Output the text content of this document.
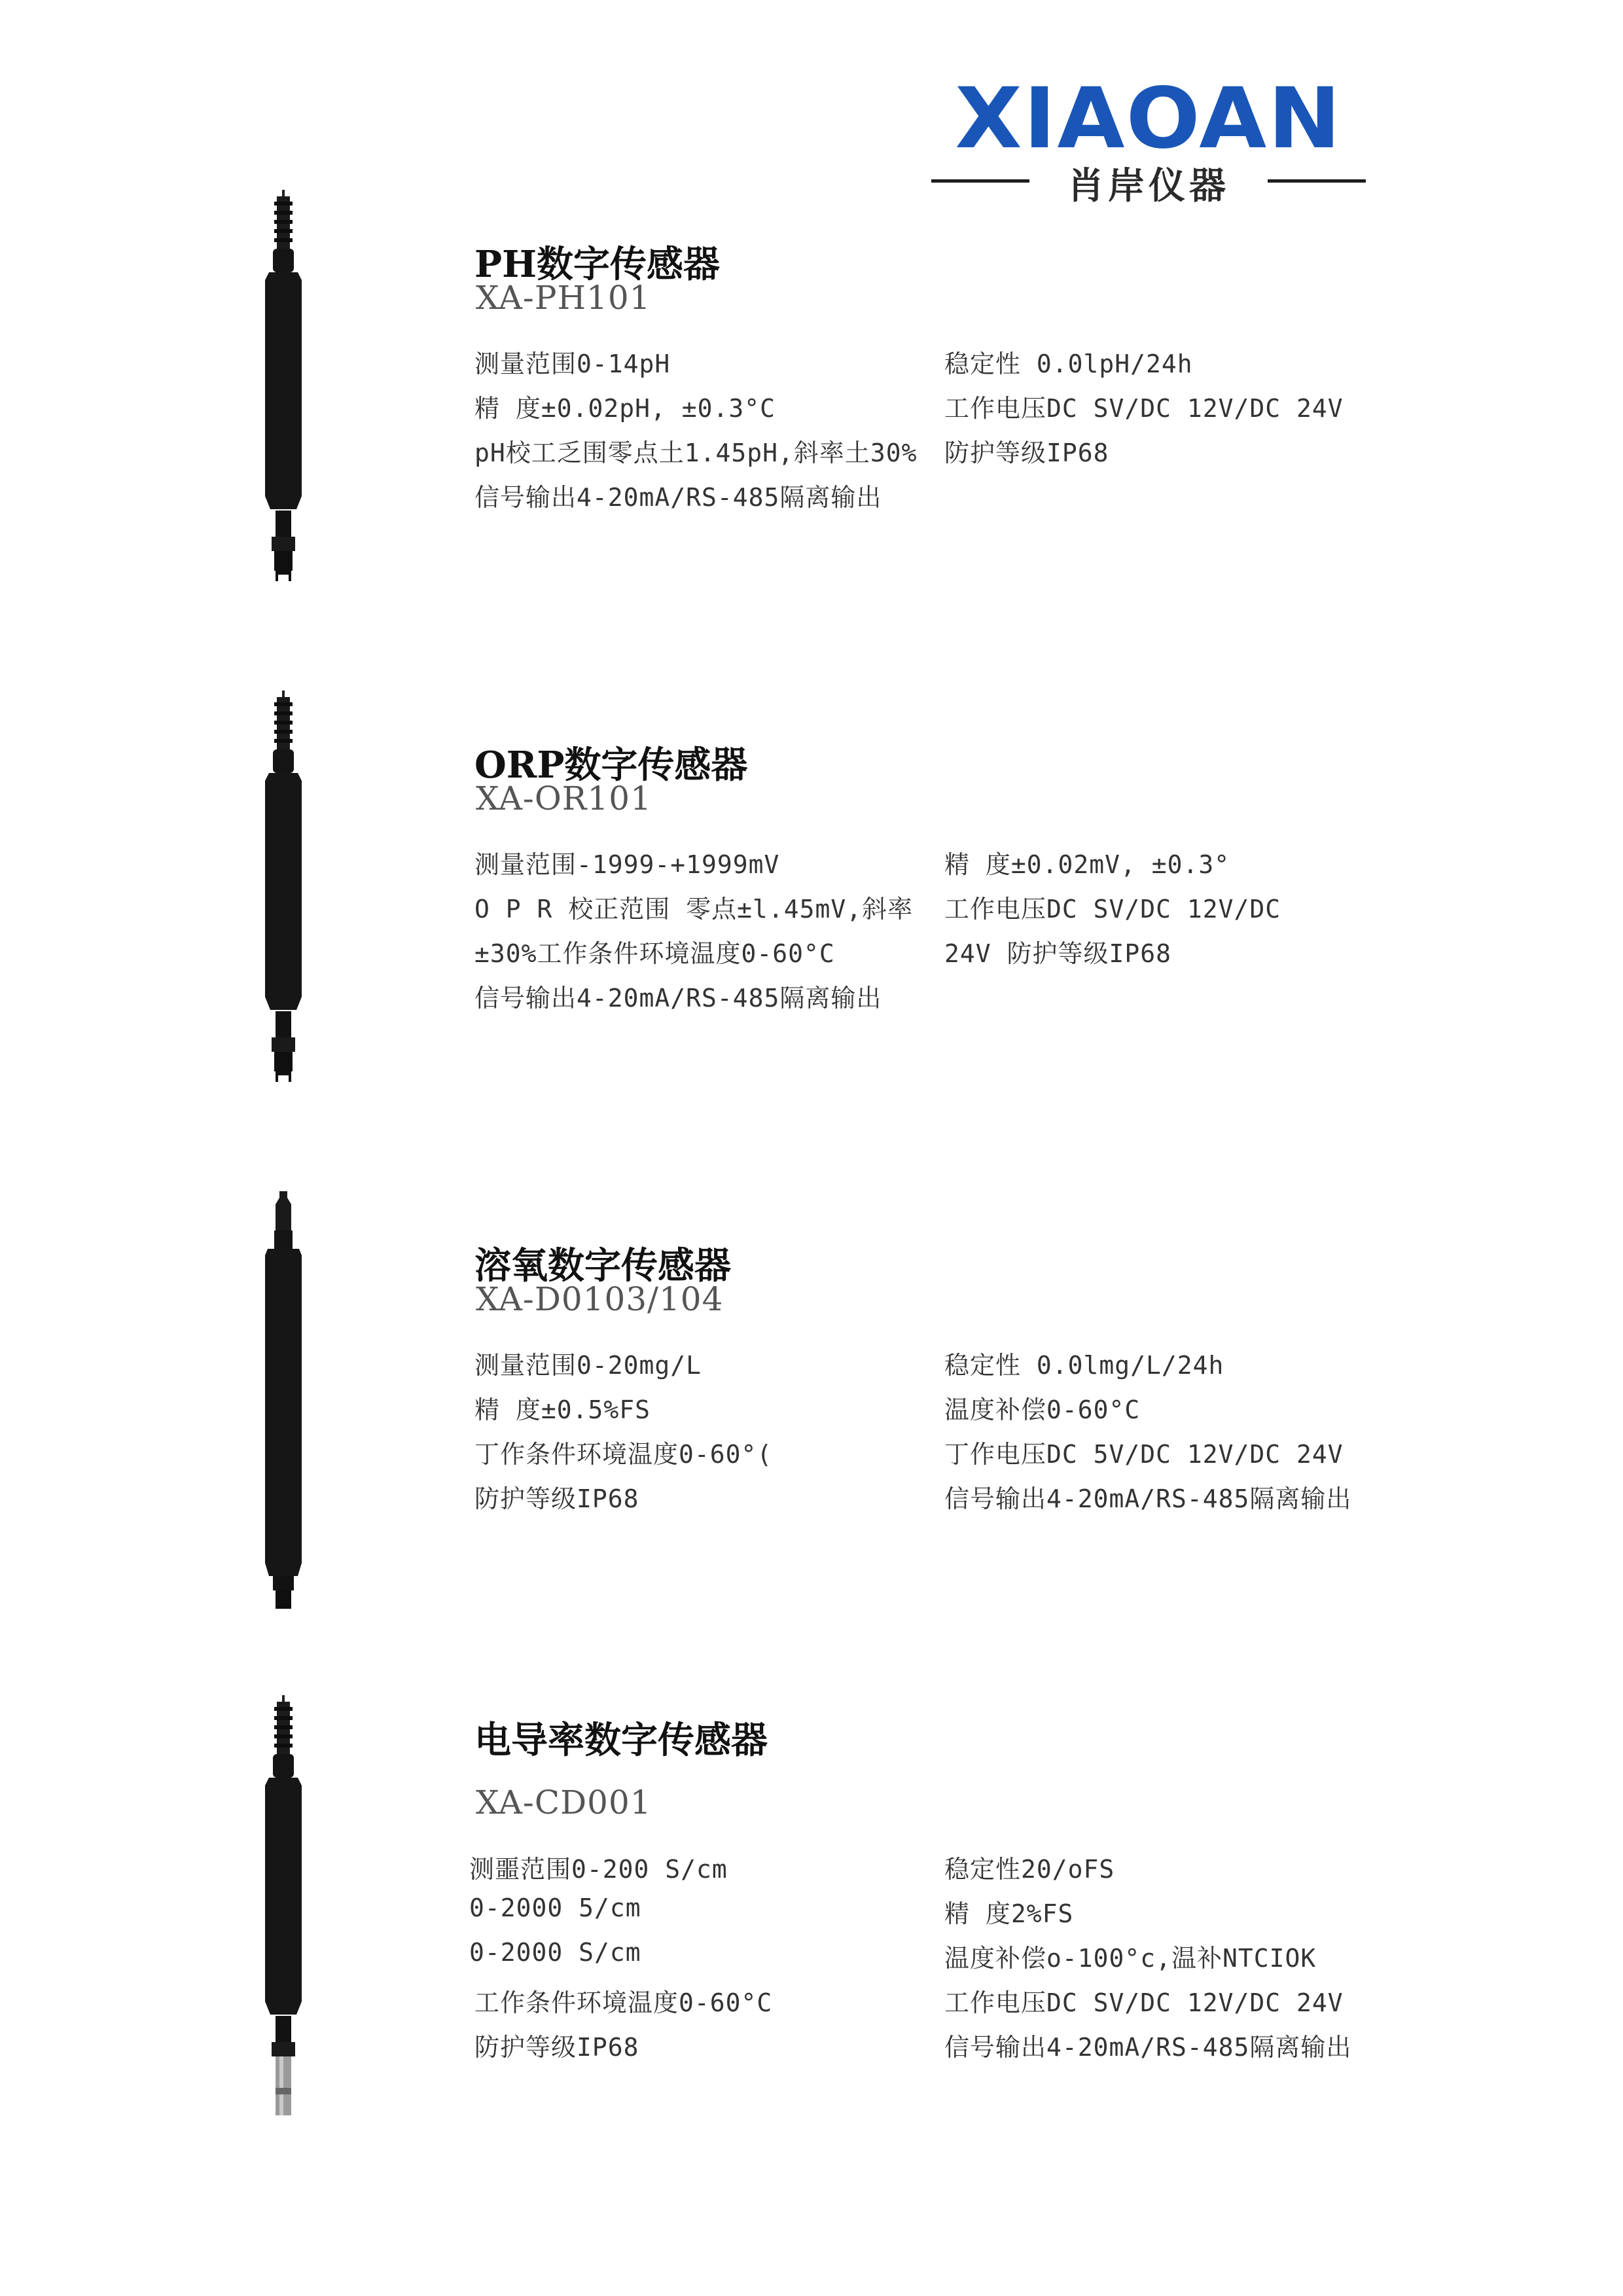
XIAOAN
肖岸仪器
PH数字传感器
XA-PH101
测量范围0-14pH
精 度±0.02pH, ±0.3°C
pH校工乏围零点土1.45pH,斜率土30%
信号输出4-20mA/RS-485隔离输出
稳定性 0.0lpH/24h
工作电压DC SV/DC 12V/DC 24V
防护等级IP68
ORP数字传感器
XA-OR101
测量范围-1999-+1999mV
O P R 校正范围 零点±l.45mV,斜率
±30%工作条件环境温度0-60°C
信号输出4-20mA/RS-485隔离输出
精 度±0.02mV, ±0.3°
工作电压DC SV/DC 12V/DC
24V 防护等级IP68
溶氧数字传感器
XA-D0103/104
测量范围0-20mg/L
精 度±0.5%FS
丁作条件环境温度0-60°(
防护等级IP68
稳定性 0.0lmg/L/24h
温度补偿0-60°C
丁作电压DC 5V/DC 12V/DC 24V
信号输出4-20mA/RS-485隔离输出
电导率数字传感器
XA-CD001
测噩范围0-200 S/cm
0-2000 5/cm
0-2000 S/cm
工作条件环境温度0-60°C
防护等级IP68
稳定性20/oFS
精 度2%FS
温度补偿o-100°c,温补NTCIOK
工作电压DC SV/DC 12V/DC 24V
信号输出4-20mA/RS-485隔离输出
